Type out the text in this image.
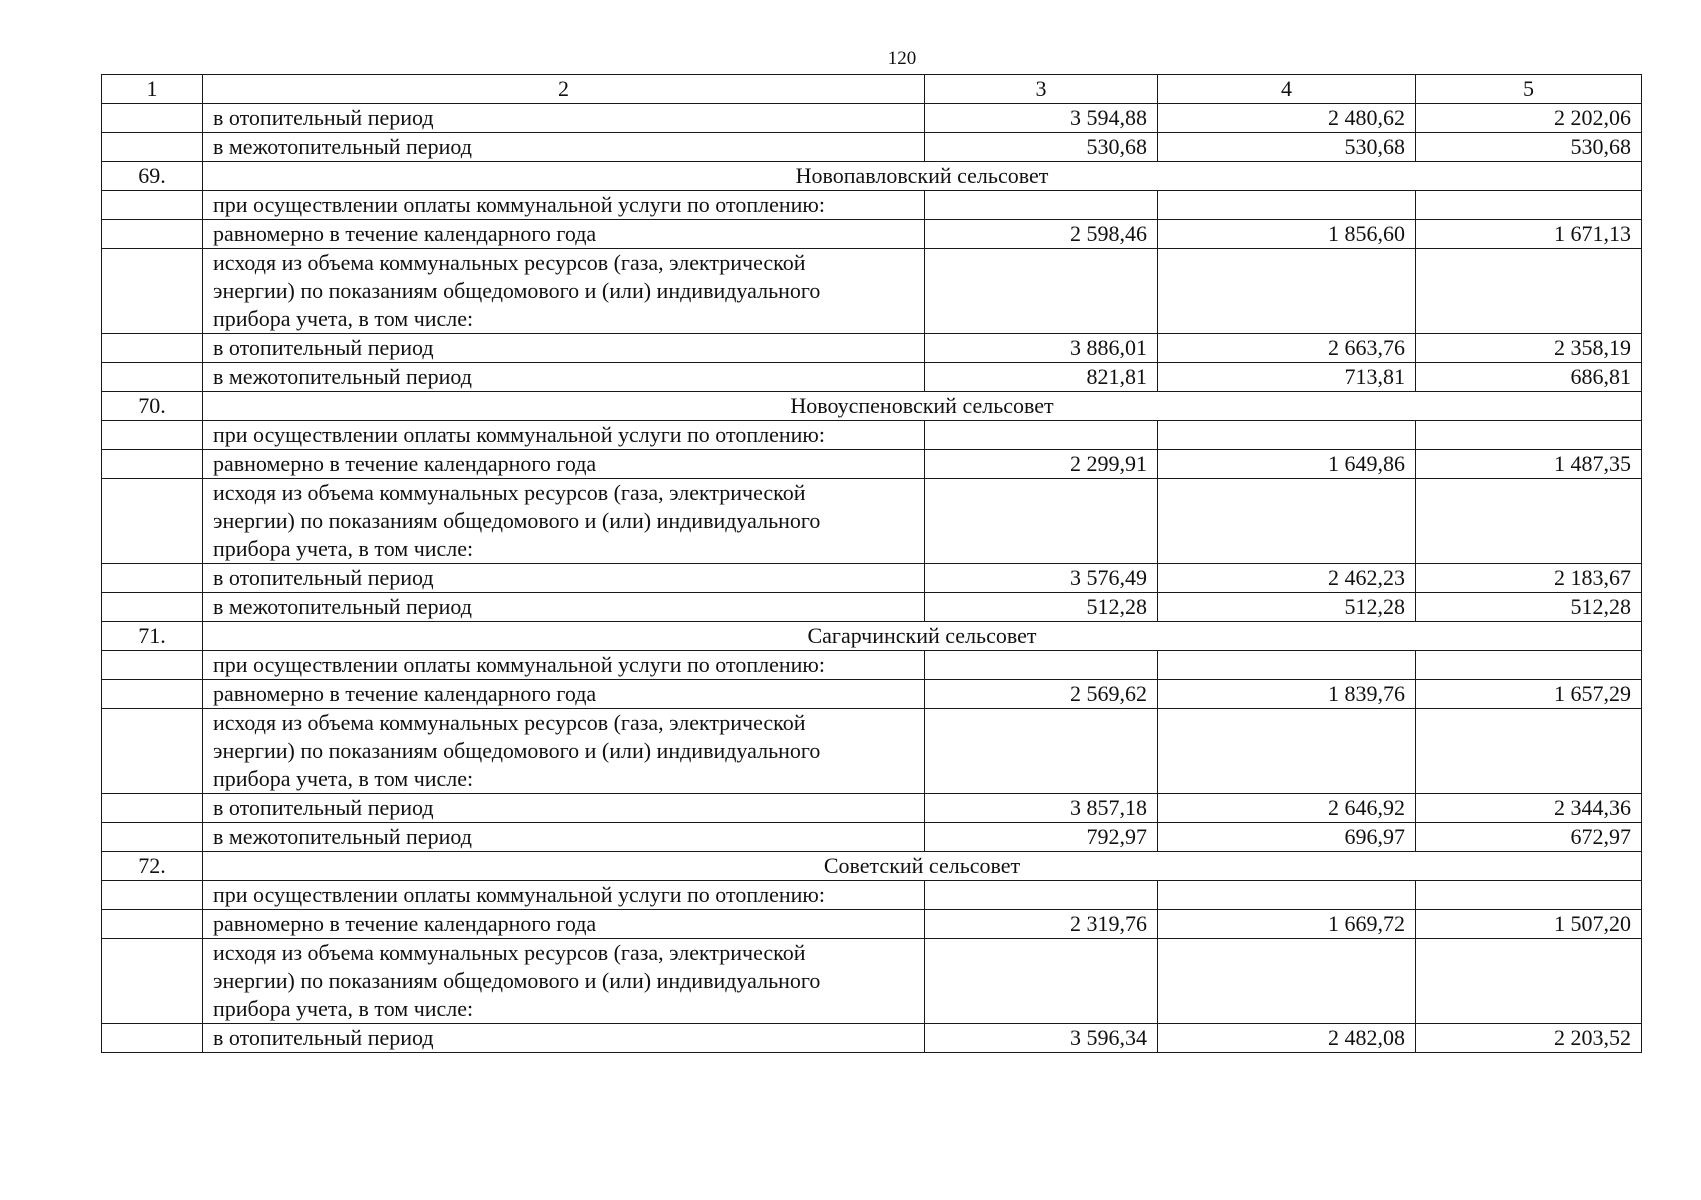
120
1	2	3	4	5
	в отопительный период	3 594,88	2 480,62	2 202,06
	в межотопительный период	530,68	530,68	530,68
69.	Новопавловский сельсовет			
	при осуществлении оплаты коммунальной услуги по отоплению:			
	равномерно в течение календарного года	2 598,46	1 856,60	1 671,13
	исходя из объема коммунальных ресурсов (газа, электрической
энергии) по показаниям общедомового и (или) индивидуального
прибора учета, в том числе:			
	в отопительный период	3 886,01	2 663,76	2 358,19
	в межотопительный период	821,81	713,81	686,81
70.	Новоуспеновский сельсовет			
	при осуществлении оплаты коммунальной услуги по отоплению:			
	равномерно в течение календарного года	2 299,91	1 649,86	1 487,35
	исходя из объема коммунальных ресурсов (газа, электрической
энергии) по показаниям общедомового и (или) индивидуального
прибора учета, в том числе:			
	в отопительный период	3 576,49	2 462,23	2 183,67
	в межотопительный период	512,28	512,28	512,28
71.	Сагарчинский сельсовет			
	при осуществлении оплаты коммунальной услуги по отоплению:			
	равномерно в течение календарного года	2 569,62	1 839,76	1 657,29
	исходя из объема коммунальных ресурсов (газа, электрической
энергии) по показаниям общедомового и (или) индивидуального
прибора учета, в том числе:			
	в отопительный период	3 857,18	2 646,92	2 344,36
	в межотопительный период	792,97	696,97	672,97
72.	Советский сельсовет			
	при осуществлении оплаты коммунальной услуги по отоплению:			
	равномерно в течение календарного года	2 319,76	1 669,72	1 507,20
	исходя из объема коммунальных ресурсов (газа, электрической
энергии) по показаниям общедомового и (или) индивидуального
прибора учета, в том числе:			
	в отопительный период	3 596,34	2 482,08	2 203,52
